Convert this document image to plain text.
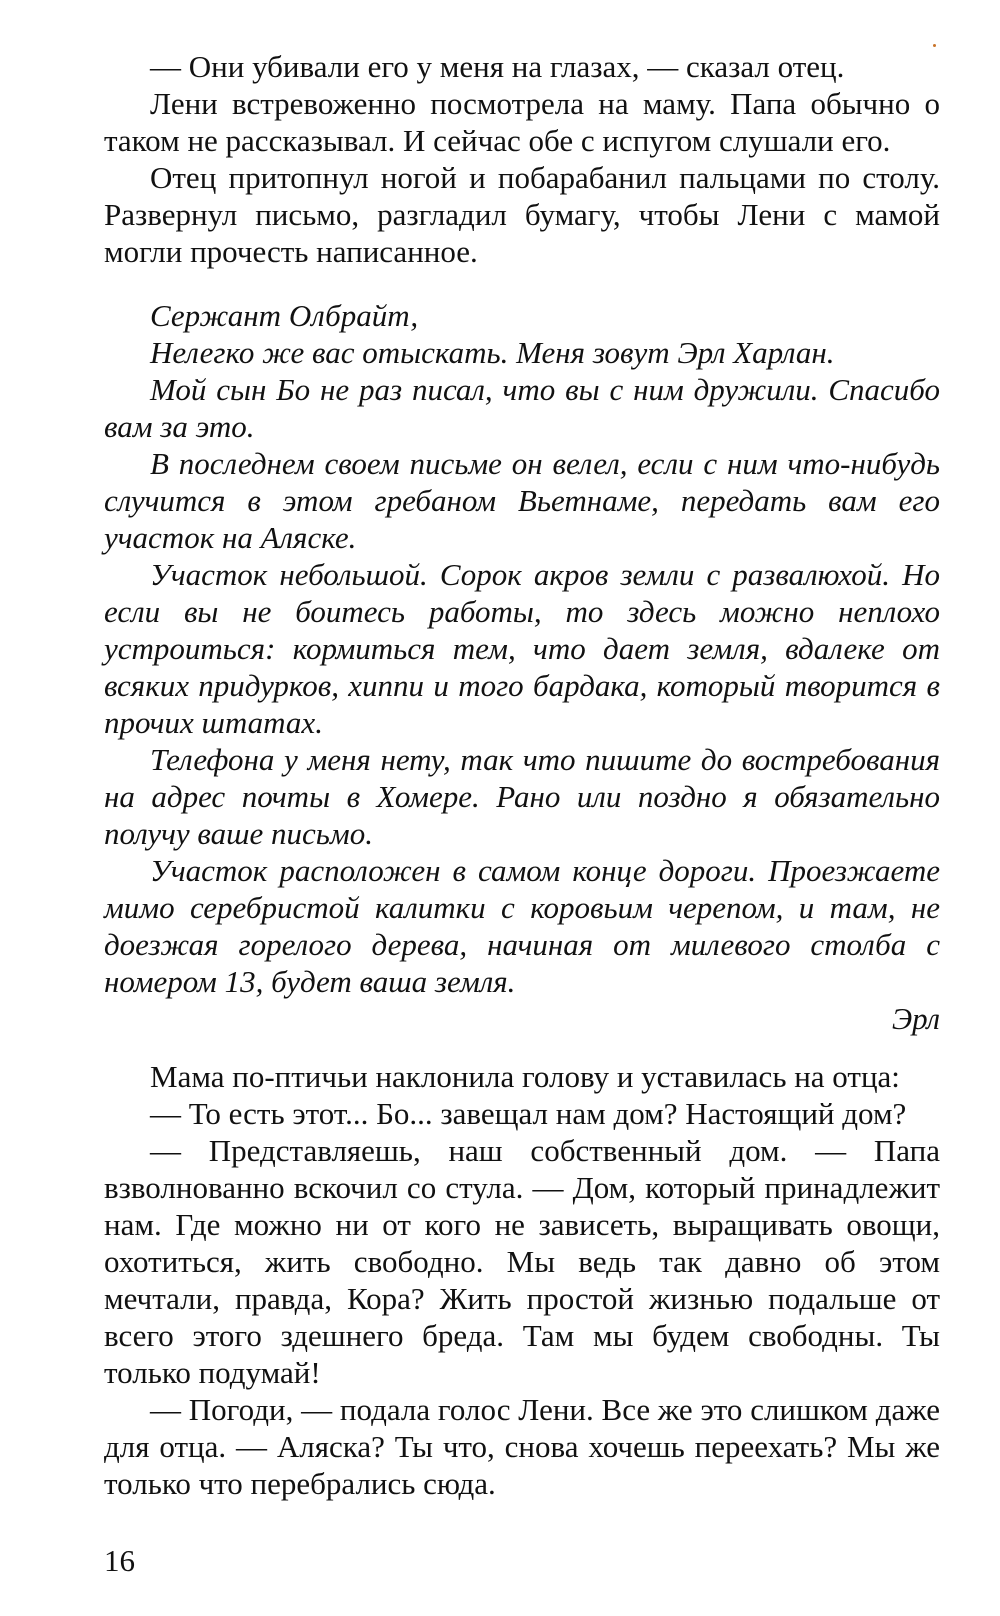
— Они убивали его у меня на глазах, — сказал отец.

Лени встревоженно посмотрела на маму. Папа обычно о таком не рассказывал. И сейчас обе с испугом слушали его.

Отец притопнул ногой и побарабанил пальцами по столу. Развернул письмо, разгладил бумагу, чтобы Лени с мамой могли прочесть написанное.

Сержант Олбрайт,

Нелегко же вас отыскать. Меня зовут Эрл Харлан.

Мой сын Бо не раз писал, что вы с ним дружили. Спасибо вам за это.

В последнем своем письме он велел, если с ним что-нибудь случится в этом гребаном Вьетнаме, передать вам его участок на Аляске.

Участок небольшой. Сорок акров земли с развалюхой. Но если вы не боитесь работы, то здесь можно неплохо устроиться: кормиться тем, что дает земля, вдалеке от всяких придурков, хиппи и того бардака, который творится в прочих штатах.

Телефона у меня нету, так что пишите до востребования на адрес почты в Хомере. Рано или поздно я обязательно получу ваше письмо.

Участок расположен в самом конце дороги. Проезжаете мимо серебристой калитки с коровьим черепом, и там, не доезжая горелого дерева, начиная от милевого столба с номером 13, будет ваша земля.

Эрл

Мама по-птичьи наклонила голову и уставилась на отца:

— То есть этот... Бо... завещал нам дом? Настоящий дом?

— Представляешь, наш собственный дом. — Папа взволнованно вскочил со стула. — Дом, который принадлежит нам. Где можно ни от кого не зависеть, выращивать овощи, охотиться, жить свободно. Мы ведь так давно об этом мечтали, правда, Кора? Жить простой жизнью подальше от всего этого здешнего бреда. Там мы будем свободны. Ты только подумай!

— Погоди, — подала голос Лени. Все же это слишком даже для отца. — Аляска? Ты что, снова хочешь переехать? Мы же только что перебрались сюда.

16
